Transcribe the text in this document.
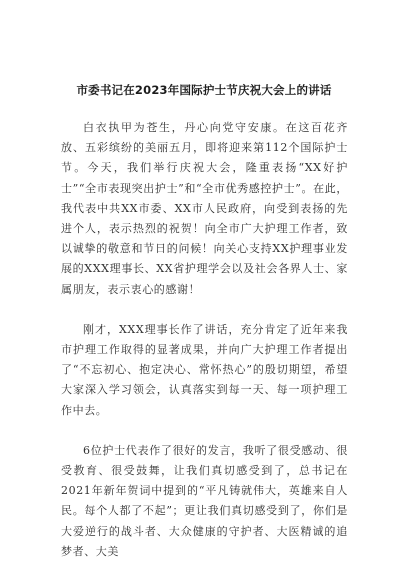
市委书记在2023年国际护士节庆祝大会上的讲话

白衣执甲为苍生，丹心向党守安康。在这百花齐放、五彩缤纷的美丽五月，即将迎来第112个国际护士节。今天，我们举行庆祝大会，隆重表扬“XX好护士”“全市表现突出护士”和“全市优秀感控护士”。在此，我代表中共XX市委、XX市人民政府，向受到表扬的先进个人，表示热烈的祝贺！向全市广大护理工作者，致以诚挚的敬意和节日的问候！向关心支持XX护理事业发展的XXX理事长、XX省护理学会以及社会各界人士、家属朋友，表示衷心的感谢！

刚才，XXX理事长作了讲话，充分肯定了近年来我市护理工作取得的显著成果，并向广大护理工作者提出了“不忘初心、抱定决心、常怀热心”的殷切期望，希望大家深入学习领会，认真落实到每一天、每一项护理工作中去。

6位护士代表作了很好的发言，我听了很受感动、很受教育、很受鼓舞，让我们真切感受到了，总书记在2021年新年贺词中提到的“平凡铸就伟大，英雄来自人民。每个人都了不起”；更让我们真切感受到了，你们是大爱逆行的战斗者、大众健康的守护者、大医精诚的追梦者、大美
